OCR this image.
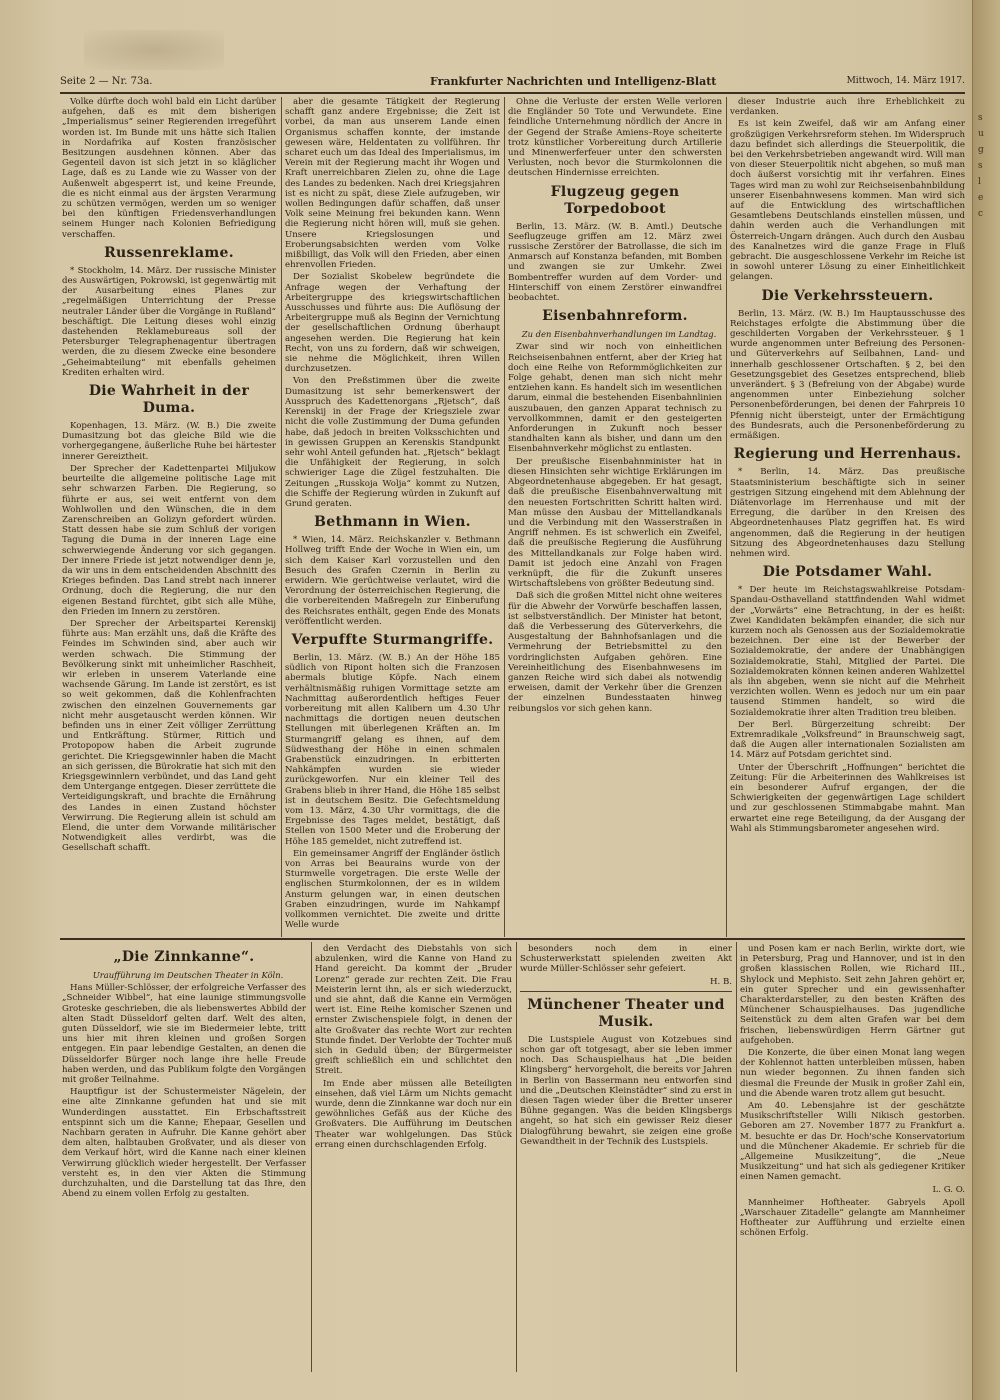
Seite 2 — Nr. 73a.	Frankfurter Nachrichten und Intelligenz-Blatt	Mittwoch, 14. März 1917.

Volke dürfte doch wohl bald ein Licht darüber aufgehen, daß es mit dem bisherigen „Imperialismus“ seiner Regierenden irregeführt worden ist. Im Bunde mit uns hätte sich Italien in Nordafrika auf Kosten französischer Besitzungen ausdehnen können. Aber das Gegenteil davon ist sich jetzt in so kläglicher Lage, daß es zu Lande wie zu Wasser von der Außenwelt abgesperrt ist, und keine Freunde, die es nicht einmal aus der ärgsten Verarmung zu schützen vermögen, werden um so weniger bei den künftigen Friedensverhandlungen seinem Hunger nach Kolonien Befriedigung verschaffen.

Russenreklame.

* Stockholm, 14. März. Der russische Minister des Auswärtigen, Pokrowski, ist gegenwärtig mit der Ausarbeitung eines Planes zur „regelmäßigen Unterrichtung der Presse neutraler Länder über die Vorgänge in Rußland“ beschäftigt. Die Leitung dieses wohl einzig dastehenden Reklamebureaus soll der Petersburger Telegraphenagentur übertragen werden, die zu diesem Zwecke eine besondere „Geheimabteilung“ mit ebenfalls geheimen Krediten erhalten wird.

Die Wahrheit in der Duma.

Kopenhagen, 13. März. (W. B.) Die zweite Dumasitzung bot das gleiche Bild wie die vorhergegangene, äußerliche Ruhe bei härtester innerer Gereiztheit.

Der Sprecher der Kadettenpartei Miljukow beurteilte die allgemeine politische Lage mit sehr schwarzen Farben. Die Regierung, so führte er aus, sei weit entfernt von dem Wohlwollen und den Wünschen, die in dem Zarenschreiben an Golizyn gefordert würden. Statt dessen habe sie zum Schluß der vorigen Tagung die Duma in der inneren Lage eine schwerwiegende Änderung vor sich gegangen. Der innere Friede ist jetzt notwendiger denn je, da wir uns in dem entscheidenden Abschnitt des Krieges befinden. Das Land strebt nach innerer Ordnung, doch die Regierung, die nur den eigenen Bestand fürchtet, gibt sich alle Mühe, den Frieden im Innern zu zerstören.

Der Sprecher der Arbeitspartei Kerenskij führte aus: Man erzählt uns, daß die Kräfte des Feindes im Schwinden sind, aber auch wir werden schwach. Die Stimmung der Bevölkerung sinkt mit unheimlicher Raschheit, wir erleben in unserem Vaterlande eine wachsende Gärung. Im Lande ist zerstört, es ist so weit gekommen, daß die Kohlenfrachten zwischen den einzelnen Gouvernements gar nicht mehr ausgetauscht werden können. Wir befinden uns in einer Zeit völliger Zerrüttung und Entkräftung. Stürmer, Rittich und Protopopow haben die Arbeit zugrunde gerichtet. Die Kriegsgewinnler haben die Macht an sich gerissen, die Bürokratie hat sich mit den Kriegsgewinnlern verbündet, und das Land geht dem Untergange entgegen. Dieser zerrüttete die Verteidigungskraft, und brachte die Ernährung des Landes in einen Zustand höchster Verwirrung. Die Regierung allein ist schuld am Elend, die unter dem Vorwande militärischer Notwendigkeit alles verdirbt, was die Gesellschaft schafft.

aber die gesamte Tätigkeit der Regierung schafft ganz andere Ergebnisse; die Zeit ist vorbei, da man aus unserem Lande einen Organismus schaffen konnte, der imstande gewesen wäre, Heldentaten zu vollführen. Ihr scharet euch um das Ideal des Imperialismus, im Verein mit der Regierung macht ihr Wogen und Kraft unerreichbaren Zielen zu, ohne die Lage des Landes zu bedenken. Nach drei Kriegsjahren ist es nicht zu spät, diese Ziele aufzugeben, wir wollen Bedingungen dafür schaffen, daß unser Volk seine Meinung frei bekunden kann. Wenn die Regierung nicht hören will, muß sie gehen. Unsere Kriegslosungen und Eroberungsabsichten werden vom Volke mißbilligt, das Volk will den Frieden, aber einen ehrenvollen Frieden.

Der Sozialist Skobelew begründete die Anfrage wegen der Verhaftung der Arbeitergruppe des kriegswirtschaftlichen Ausschusses und führte aus: Die Auflösung der Arbeitergruppe muß als Beginn der Vernichtung der gesellschaftlichen Ordnung überhaupt angesehen werden. Die Regierung hat kein Recht, von uns zu fordern, daß wir schweigen, sie nehme die Möglichkeit, ihren Willen durchzusetzen.

Von den Preßstimmen über die zweite Dumasitzung ist sehr bemerkenswert der Ausspruch des Kadettenorgans „Rjetsch“, daß Kerenskij in der Frage der Kriegsziele zwar nicht die volle Zustimmung der Duma gefunden habe, daß jedoch in breiten Volksschichten und in gewissen Gruppen an Kerenskis Standpunkt sehr wohl Anteil gefunden hat. „Rjetsch“ beklagt die Unfähigkeit der Regierung, in solch schwieriger Lage die Zügel festzuhalten. Die Zeitungen „Russkoja Wolja“ kommt zu Nutzen, die Schiffe der Regierung würden in Zukunft auf Grund geraten.

Bethmann in Wien.

* Wien, 14. März. Reichskanzler v. Bethmann Hollweg trifft Ende der Woche in Wien ein, um sich dem Kaiser Karl vorzustellen und den Besuch des Grafen Czernin in Berlin zu erwidern. Wie gerüchtweise verlautet, wird die Verordnung der österreichischen Regierung, die die vorbereitenden Maßregeln zur Einberufung des Reichsrates enthält, gegen Ende des Monats veröffentlicht werden.

Verpuffte Sturmangriffe.

Berlin, 13. März. (W. B.) An der Höhe 185 südlich von Ripont holten sich die Franzosen abermals blutige Köpfe. Nach einem verhältnismäßig ruhigen Vormittage setzte am Nachmittag außerordentlich heftiges Feuer vorbereitung mit allen Kalibern um 4.30 Uhr nachmittags die dortigen neuen deutschen Stellungen mit überlegenen Kräften an. Im Sturmangriff gelang es ihnen, auf dem Südwesthang der Höhe in einen schmalen Grabenstück einzudringen. In erbitterten Nahkämpfen wurden sie wieder zurückgeworfen. Nur ein kleiner Teil des Grabens blieb in ihrer Hand, die Höhe 185 selbst ist in deutschem Besitz. Die Gefechtsmeldung vom 13. März, 4.30 Uhr vormittags, die die Ergebnisse des Tages meldet, bestätigt, daß Stellen von 1500 Meter und die Eroberung der Höhe 185 gemeldet, nicht zutreffend ist.

Ein gemeinsamer Angriff der Engländer östlich von Arras bei Beaurains wurde von der Sturmwelle vorgetragen. Die erste Welle der englischen Sturmkolonnen, der es in wildem Ansturm gelungen war, in einen deutschen Graben einzudringen, wurde im Nahkampf vollkommen vernichtet. Die zweite und dritte Welle wurde

Ohne die Verluste der ersten Welle verloren die Engländer 50 Tote und Verwundete. Eine feindliche Unternehmung nördlich der Ancre in der Gegend der Straße Amiens–Roye scheiterte trotz künstlicher Vorbereitung durch Artillerie und Minenwerferfeuer unter den schwersten Verlusten, noch bevor die Sturmkolonnen die deutschen Hindernisse erreichten.

Flugzeug gegen Torpedoboot

Berlin, 13. März. (W. B. Amtl.) Deutsche Seeflugzeuge griffen am 12. März zwei russische Zerstörer der Batrollasse, die sich im Anmarsch auf Konstanza befanden, mit Bomben und zwangen sie zur Umkehr. Zwei Bombentreffer wurden auf dem Vorder- und Hinterschiff von einem Zerstörer einwandfrei beobachtet.

Eisenbahnreform.

Zu den Eisenbahnverhandlungen im Landtag.

Zwar sind wir noch von einheitlichen Reichseisenbahnen entfernt, aber der Krieg hat doch eine Reihe von Reformmöglichkeiten zur Folge gehabt, denen man sich nicht mehr entziehen kann. Es handelt sich im wesentlichen darum, einmal die bestehenden Eisenbahnlinien auszubauen, den ganzen Apparat technisch zu vervollkommnen, damit er den gesteigerten Anforderungen in Zukunft noch besser standhalten kann als bisher, und dann um den Eisenbahnverkehr möglichst zu entlasten.

Der preußische Eisenbahnminister hat in diesen Hinsichten sehr wichtige Erklärungen im Abgeordnetenhause abgegeben. Er hat gesagt, daß die preußische Eisenbahnverwaltung mit den neuesten Fortschritten Schritt halten wird. Man müsse den Ausbau der Mittellandkanals und die Verbindung mit den Wasserstraßen in Angriff nehmen. Es ist schwerlich ein Zweifel, daß die preußische Regierung die Ausführung des Mittellandkanals zur Folge haben wird. Damit ist jedoch eine Anzahl von Fragen verknüpft, die für die Zukunft unseres Wirtschaftslebens von größter Bedeutung sind.

Daß sich die großen Mittel nicht ohne weiteres für die Abwehr der Vorwürfe beschaffen lassen, ist selbstverständlich. Der Minister hat betont, daß die Verbesserung des Güterverkehrs, die Ausgestaltung der Bahnhofsanlagen und die Vermehrung der Betriebsmittel zu den vordringlichsten Aufgaben gehören. Eine Vereinheitlichung des Eisenbahnwesens im ganzen Reiche wird sich dabei als notwendig erweisen, damit der Verkehr über die Grenzen der einzelnen Bundesstaaten hinweg reibungslos vor sich gehen kann.

dieser Industrie auch ihre Erheblichkeit zu verdanken.

Es ist kein Zweifel, daß wir am Anfang einer großzügigen Verkehrsreform stehen. Im Widerspruch dazu befindet sich allerdings die Steuerpolitik, die bei den Verkehrsbetrieben angewandt wird. Will man von dieser Steuerpolitik nicht abgehen, so muß man doch äußerst vorsichtig mit ihr verfahren. Eines Tages wird man zu wohl zur Reichseisenbahnbildung unserer Eisenbahnwesens kommen. Man wird sich auf die Entwicklung des wirtschaftlichen Gesamtlebens Deutschlands einstellen müssen, und dahin werden auch die Verhandlungen mit Österreich-Ungarn drängen. Auch durch den Ausbau des Kanalnetzes wird die ganze Frage in Fluß gebracht. Die ausgeschlossene Verkehr im Reiche ist in sowohl unterer Lösung zu einer Einheitlichkeit gelangen.

Die Verkehrssteuern.

Berlin, 13. März. (W. B.) Im Hauptausschusse des Reichstages erfolgte die Abstimmung über die geschilderten Vorgaben der Verkehrssteuer. § 1 wurde angenommen unter Befreiung des Personen- und Güterverkehrs auf Seilbahnen, Land- und innerhalb geschlossener Ortschaften. § 2, bei den Gesetzungsgebiet des Gesetzes entsprechend, blieb unverändert. § 3 (Befreiung von der Abgabe) wurde angenommen unter Einbeziehung solcher Personenbeförderungen, bei denen der Fahrpreis 10 Pfennig nicht übersteigt, unter der Ermächtigung des Bundesrats, auch die Personenbeförderung zu ermäßigen.

Regierung und Herrenhaus.

* Berlin, 14. März. Das preußische Staatsministerium beschäftigte sich in seiner gestrigen Sitzung eingehend mit dem Ablehnung der Diätenvorlage im Herrenhause und mit der Erregung, die darüber in den Kreisen des Abgeordnetenhauses Platz gegriffen hat. Es wird angenommen, daß die Regierung in der heutigen Sitzung des Abgeordnetenhauses dazu Stellung nehmen wird.

Die Potsdamer Wahl.

* Der heute im Reichstagswahlkreise Potsdam-Spandau-Osthavelland stattfindenden Wahl widmet der „Vorwärts“ eine Betrachtung, in der es heißt: Zwei Kandidaten bekämpfen einander, die sich nur kurzem noch als Genossen aus der Sozialdemokratie bezeichnen. Der eine ist der Bewerber der Sozialdemokratie, der andere der Unabhängigen Sozialdemokratie, Stahl, Mitglied der Partei. Die Sozialdemokraten können keinen anderen Wahlzettel als ihn abgeben, wenn sie nicht auf die Mehrheit verzichten wollen. Wenn es jedoch nur um ein paar tausend Stimmen handelt, so wird die Sozialdemokratie ihrer alten Tradition treu bleiben.

Der Berl. Bürgerzeitung schreibt: Der Extremradikale „Volksfreund“ in Braunschweig sagt, daß die Augen aller internationalen Sozialisten am 14. März auf Potsdam gerichtet sind.

Unter der Überschrift „Hoffnungen“ berichtet die Zeitung: Für die Arbeiterinnen des Wahlkreises ist ein besonderer Aufruf ergangen, der die Schwierigkeiten der gegenwärtigen Lage schildert und zur geschlossenen Stimmabgabe mahnt. Man erwartet eine rege Beteiligung, da der Ausgang der Wahl als Stimmungsbarometer angesehen wird.

„Die Zinnkanne“.

Uraufführung im Deutschen Theater in Köln.

Hans Müller-Schlösser, der erfolgreiche Verfasser des „Schneider Wibbel“, hat eine launige stimmungsvolle Groteske geschrieben, die als liebenswertes Abbild der alten Stadt Düsseldorf gelten darf. Welt des alten, guten Düsseldorf, wie sie im Biedermeier lebte, tritt uns hier mit ihren kleinen und großen Sorgen entgegen. Ein paar lebendige Gestalten, an denen die Düsseldorfer Bürger noch lange ihre helle Freude haben werden, und das Publikum folgte den Vorgängen mit großer Teilnahme.

Hauptfigur ist der Schustermeister Nägelein, der eine alte Zinnkanne gefunden hat und sie mit Wunderdingen ausstattet. Ein Erbschaftsstreit entspinnt sich um die Kanne; Ehepaar, Gesellen und Nachbarn geraten in Aufruhr. Die Kanne gehört aber dem alten, halbtauben Großvater, und als dieser von dem Verkauf hört, wird die Kanne nach einer kleinen Verwirrung glücklich wieder hergestellt. Der Verfasser versteht es, in den vier Akten die Stimmung durchzuhalten, und die Darstellung tat das Ihre, den Abend zu einem vollen Erfolg zu gestalten.

den Verdacht des Diebstahls von sich abzulenken, wird die Kanne von Hand zu Hand gereicht. Da kommt der „Bruder Lorenz“ gerade zur rechten Zeit. Die Frau Meisterin lernt ihn, als er sich wiederzuckt, und sie ahnt, daß die Kanne ein Vermögen wert ist. Eine Reihe komischer Szenen und ernster Zwischenspiele folgt, in denen der alte Großvater das rechte Wort zur rechten Stunde findet. Der Verlobte der Tochter muß sich in Geduld üben; der Bürgermeister greift schließlich ein und schlichtet den Streit.

Im Ende aber müssen alle Beteiligten einsehen, daß viel Lärm um Nichts gemacht wurde, denn die Zinnkanne war doch nur ein gewöhnliches Gefäß aus der Küche des Großvaters. Die Aufführung im Deutschen Theater war wohlgelungen. Das Stück errang einen durchschlagenden Erfolg.

besonders noch dem in einer Schusterwerkstatt spielenden zweiten Akt wurde Müller-Schlösser sehr gefeiert.

H. B.

Münchener Theater und Musik.

Die Lustspiele August von Kotzebues sind schon gar oft totgesagt, aber sie leben immer noch. Das Schauspielhaus hat „Die beiden Klingsberg“ hervorgeholt, die bereits vor Jahren in Berlin von Bassermann neu entworfen sind und die „Deutschen Kleinstädter“ sind zu erst in diesen Tagen wieder über die Bretter unserer Bühne gegangen. Was die beiden Klingsbergs angeht, so hat sich ein gewisser Reiz dieser Dialogführung bewahrt, sie zeigen eine große Gewandtheit in der Technik des Lustspiels.

und Posen kam er nach Berlin, wirkte dort, wie in Petersburg, Prag und Hannover, und ist in den großen klassischen Rollen, wie Richard III., Shylock und Mephisto. Seit zehn Jahren gehört er, ein guter Sprecher und ein gewissenhafter Charakterdarsteller, zu den besten Kräften des Münchener Schauspielhauses. Das jugendliche Seitenstück zu dem alten Grafen war bei dem frischen, liebenswürdigen Herrn Gärtner gut aufgehoben.

Die Konzerte, die über einen Monat lang wegen der Kohlennot hatten unterbleiben müssen, haben nun wieder begonnen. Zu ihnen fanden sich diesmal die Freunde der Musik in großer Zahl ein, und die Abende waren trotz allem gut besucht.

Am 40. Lebensjahre ist der geschätzte Musikschriftsteller Willi Nikisch gestorben. Geboren am 27. November 1877 zu Frankfurt a. M. besuchte er das Dr. Hoch'sche Konservatorium und die Münchener Akademie. Er schrieb für die „Allgemeine Musikzeitung“, die „Neue Musikzeitung“ und hat sich als gediegener Kritiker einen Namen gemacht.

L. G. O.

Mannheimer Hoftheater. Gabryels Apoll „Warschauer Zitadelle“ gelangte am Mannheimer Hoftheater zur Aufführung und erzielte einen schönen Erfolg.

s
u
g
s
l
e
c
